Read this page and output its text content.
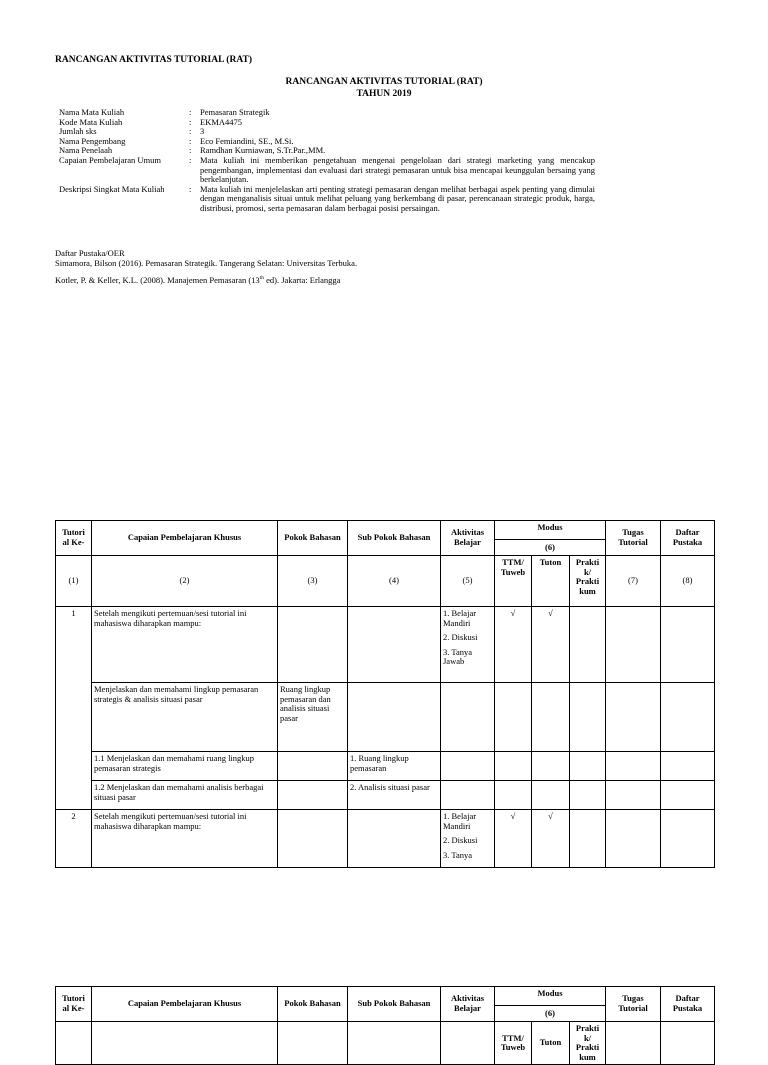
RANCANGAN AKTIVITAS TUTORIAL (RAT)
RANCANGAN AKTIVITAS TUTORIAL (RAT)
TAHUN 2019
Nama Mata Kuliah	:	Pemasaran Strategik
Kode Mata Kuliah	:	EKMA4475
Jumlah sks	:	3
Nama Pengembang	:	Eco Femiandini, SE., M.Si.
Nama Penelaah	:	Ramdhan Kurniawan, S.Tr.Par.,MM.
Capaian Pembelajaran Umum	:	Mata kuliah ini memberikan pengetahuan mengenai pengelolaan dari strategi marketing yang mencakup pengembangan, implementasi dan evaluasi dari strategi pemasaran untuk bisa mencapai keunggulan bersaing yang berkelanjutan.
Deskripsi Singkat Mata Kuliah	:	Mata kuliah ini menjelelaskan arti penting strategi pemasaran dengan melihat berbagai aspek penting yang dimulai dengan menganalisis situai untuk melihat peluang yang berkembang di pasar, perencanaan strategic produk, harga, distribusi, promosi, serta pemasaran dalam berbagai posisi persaingan.
Daftar Pustaka/OER
Simamora, Bilson (2016). Pemasaran Strategik. Tangerang Selatan: Universitas Terbuka.
Kotler, P. & Keller, K.L. (2008). Manajemen Pemasaran (13th ed). Jakarta: Erlangga
Tutori al Ke-	Capaian Pembelajaran Khusus	Pokok Bahasan	Sub Pokok Bahasan	Aktivitas Belajar	Modus			Tugas Tutorial	Daftar Pustaka
					(6)				
(1)	(2)	(3)	(4)	(5)	TTM/ Tuweb	Tuton	Prakti k/ Prakti kum	(7)	(8)
1	Setelah mengikuti pertemuan/sesi tutorial ini mahasiswa diharapkan mampu:			1. Belajar Mandiri
2. Diskusi
3. Tanya Jawab	√	√			
	Menjelaskan dan memahami lingkup pemasaran strategis & analisis situasi pasar	Ruang lingkup pemasaran dan analisis situasi pasar							
	1.1 Menjelaskan dan memahami ruang lingkup pemasaran strategis		1. Ruang lingkup pemasaran						
	1.2 Menjelaskan dan memahami analisis berbagai situasi pasar		2. Analisis situasi pasar						
2	Setelah mengikuti pertemuan/sesi tutorial ini mahasiswa diharapkan mampu:			1. Belajar Mandiri
2. Diskusi
3. Tanya	√	√			
Tutori al Ke-	Capaian Pembelajaran Khusus	Pokok Bahasan	Sub Pokok Bahasan	Aktivitas Belajar	Modus			Tugas Tutorial	Daftar Pustaka
					(6)				
					TTM/ Tuweb	Tuton	Prakti k/ Prakti kum		
